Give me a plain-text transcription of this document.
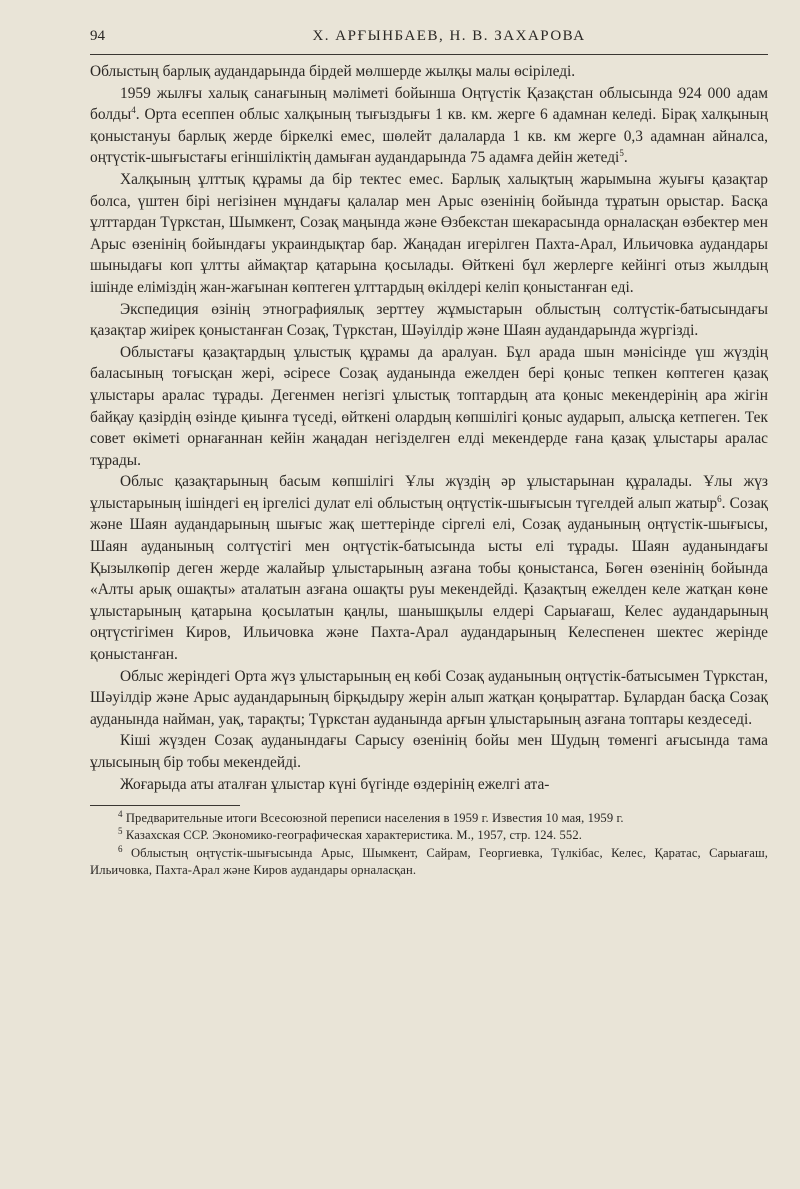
94	Х. АРҒЫНБАЕВ, Н. В. ЗАХАРОВА

Облыстың барлық аудандарында бірдей мөлшерде жылқы малы өсіріледі.

1959 жылғы халық санағының мәліметі бойынша Оңтүстік Қазақстан облысында 924 000 адам болды$^4$. Орта есеппен облыс халқының тығыздығы 1 кв. км. жерге 6 адамнан келеді. Бірақ халқының қоныстануы барлық жерде біркелкі емес, шөлейт далаларда 1 кв. км жерге 0,3 адамнан айналса, оңтүстік-шығыстағы егіншіліктің дамыған аудандарында 75 адамға дейін жетеді$^5$.

Халқының ұлттық құрамы да бір тектес емес. Барлық халықтың жарымына жуығы қазақтар болса, үштен бірі негізінен мұндағы қалалар мен Арыс өзенінің бойында тұратын орыстар. Басқа ұлттардан Түркстан, Шымкент, Созақ маңында және Өзбекстан шекарасында орналасқан өзбектер мен Арыс өзенінің бойындағы украиндықтар бар. Жаңадан игерілген Пахта-Арал, Ильичовка аудандары шыныдағы коп ұлтты аймақтар қатарына қосылады. Өйткені бұл жерлерге кейінгі отыз жылдың ішінде еліміздің жан-жағынан көптеген ұлттардың өкілдері келіп қоныстанған еді.

Экспедиция өзінің этнографиялық зерттеу жұмыстарын облыстың солтүстік-батысындағы қазақтар жиірек қоныстанған Созақ, Түркстан, Шәуілдір және Шаян аудандарында жүргізді.

Облыстағы қазақтардың ұлыстық құрамы да аралуан. Бұл арада шын мәнісінде үш жүздің баласының тоғысқан жері, әсіресе Созақ ауданында ежелден бері қоныс тепкен көптеген қазақ ұлыстары аралас тұрады. Дегенмен негізгі ұлыстық топтардың ата қоныс мекендерінің ара жігін байқау қазірдің өзінде қиынға түседі, өйткені олардың көпшілігі қоныс аударып, алысқа кетпеген. Тек совет өкіметі орнағаннан кейін жаңадан негізделген елді мекендерде ғана қазақ ұлыстары аралас тұрады.

Облыс қазақтарының басым көпшілігі Ұлы жүздің әр ұлыстарынан құралады. Ұлы жүз ұлыстарының ішіндегі ең іргелісі дулат елі облыстың оңтүстік-шығысын түгелдей алып жатыр$^6$. Созақ және Шаян аудандарының шығыс жақ шеттерінде сіргелі елі, Созақ ауданының оңтүстік-шығысы, Шаян ауданының солтүстігі мен оңтүстік-батысында ысты елі тұрады. Шаян ауданындағы Қызылкөпір деген жерде жалайыр ұлыстарының азғана тобы қоныстанса, Бөген өзенінің бойында «Алты арық ошақты» аталатын азғана ошақты руы мекендейді. Қазақтың ежелден келе жатқан көне ұлыстарының қатарына қосылатын қаңлы, шанышқылы елдері Сарыағаш, Келес аудандарының оңтүстігімен Киров, Ильичовка және Пахта-Арал аудандарының Келеспенен шектес жерінде қоныстанған.

Облыс жеріндегі Орта жүз ұлыстарының ең көбі Созақ ауданының оңтүстік-батысымен Түркстан, Шәуілдір және Арыс аудандарының бірқыдыру жерін алып жатқан қоңыраттар. Бұлардан басқа Созақ ауданында найман, уақ, тарақты; Түркстан ауданында арғын ұлыстарының азғана топтары кездеседі.

Кіші жүзден Созақ ауданындағы Сарысу өзенінің бойы мен Шудың төменгі ағысында тама ұлысының бір тобы мекендейді.

Жоғарыда аты аталған ұлыстар күні бүгінде өздерінің ежелгі ата-

$^4$ Предварительные итоги Всесоюзной переписи населения в 1959 г. Известия 10 мая, 1959 г.

$^5$ Казахская ССР. Экономико-географическая характеристика. М., 1957, стр. 124. 552.

$^6$ Облыстың оңтүстік-шығысында Арыс, Шымкент, Сайрам, Георгиевка, Түлкібас, Келес, Қаратас, Сарыағаш, Ильичовка, Пахта-Арал және Киров аудандары орналасқан.
